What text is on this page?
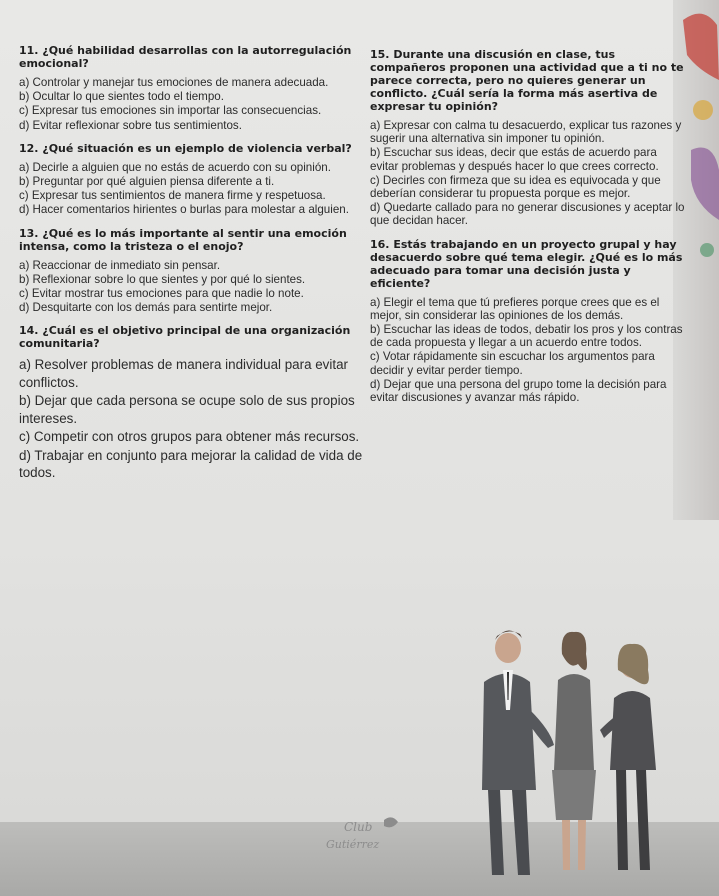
11. ¿Qué habilidad desarrollas con la autorregulación emocional?
a) Controlar y manejar tus emociones de manera adecuada.
b) Ocultar lo que sientes todo el tiempo.
c) Expresar tus emociones sin importar las consecuencias.
d) Evitar reflexionar sobre tus sentimientos.
12. ¿Qué situación es un ejemplo de violencia verbal?
a) Decirle a alguien que no estás de acuerdo con su opinión.
b) Preguntar por qué alguien piensa diferente a ti.
c) Expresar tus sentimientos de manera firme y respetuosa.
d) Hacer comentarios hirientes o burlas para molestar a alguien.
13. ¿Qué es lo más importante al sentir una emoción intensa, como la tristeza o el enojo?
a) Reaccionar de inmediato sin pensar.
b) Reflexionar sobre lo que sientes y por qué lo sientes.
c) Evitar mostrar tus emociones para que nadie lo note.
d) Desquitarte con los demás para sentirte mejor.
14. ¿Cuál es el objetivo principal de una organización comunitaria?
a) Resolver problemas de manera individual para evitar conflictos.
b) Dejar que cada persona se ocupe solo de sus propios intereses.
c) Competir con otros grupos para obtener más recursos.
d) Trabajar en conjunto para mejorar la calidad de vida de todos.
15. Durante una discusión en clase, tus compañeros proponen una actividad que a ti no te parece correcta, pero no quieres generar un conflicto. ¿Cuál sería la forma más asertiva de expresar tu opinión?
a) Expresar con calma tu desacuerdo, explicar tus razones y sugerir una alternativa sin imponer tu opinión.
b) Escuchar sus ideas, decir que estás de acuerdo para evitar problemas y después hacer lo que crees correcto.
c) Decirles con firmeza que su idea es equivocada y que deberían considerar tu propuesta porque es mejor.
d) Quedarte callado para no generar discusiones y aceptar lo que decidan hacer.
16. Estás trabajando en un proyecto grupal y hay desacuerdo sobre qué tema elegir. ¿Qué es lo más adecuado para tomar una decisión justa y eficiente?
a) Elegir el tema que tú prefieres porque crees que es el mejor, sin considerar las opiniones de los demás.
b) Escuchar las ideas de todos, debatir los pros y los contras de cada propuesta y llegar a un acuerdo entre todos.
c) Votar rápidamente sin escuchar los argumentos para decidir y evitar perder tiempo.
d) Dejar que una persona del grupo tome la decisión para evitar discusiones y avanzar más rápido.
Club
Gutiérrez
